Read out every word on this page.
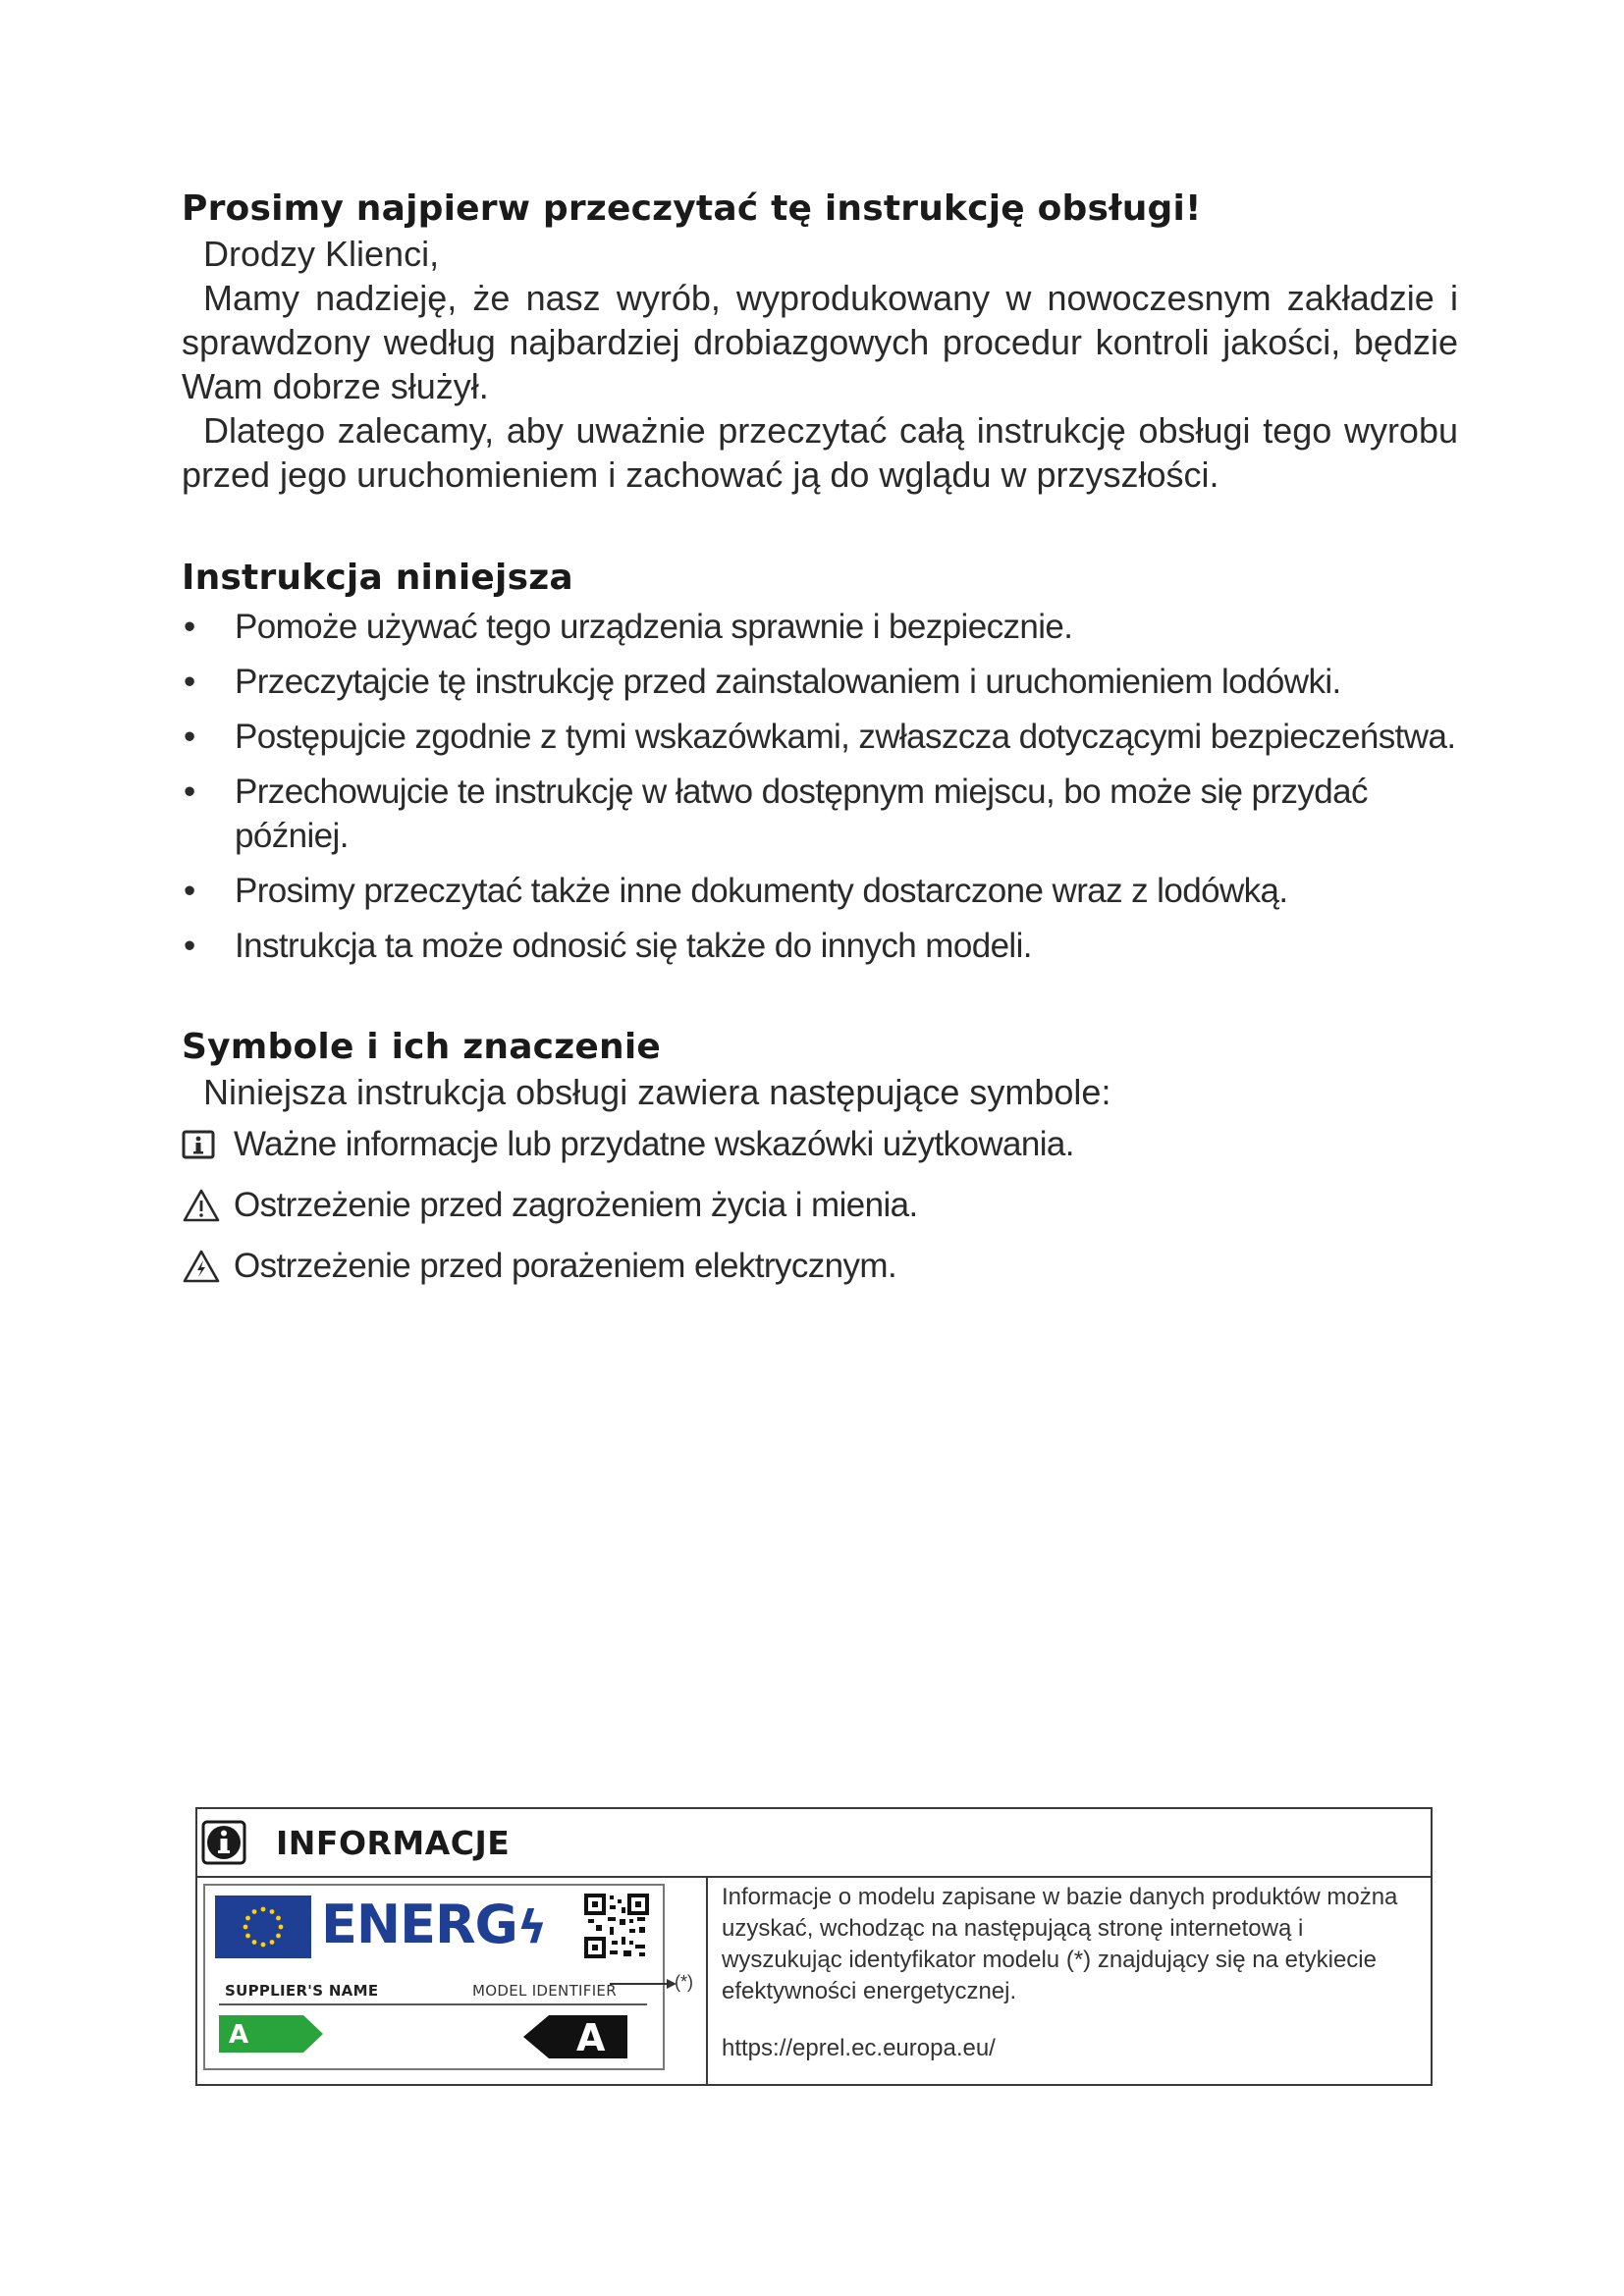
Prosimy najpierw przeczytać tę instrukcję obsługi!

Drodzy Klienci,

Mamy nadzieję, że nasz wyrób, wyprodukowany w nowoczesnym zakładzie i sprawdzony według najbardziej drobiazgowych procedur kontroli jakości, będzie Wam dobrze służył.

Dlatego zalecamy, aby uważnie przeczytać całą instrukcję obsługi tego wyrobu przed jego uruchomieniem i zachować ją do wglądu w przyszłości.

Instrukcja niniejsza
• Pomoże używać tego urządzenia sprawnie i bezpiecznie.
• Przeczytajcie tę instrukcję przed zainstalowaniem i uruchomieniem lodówki.
• Postępujcie zgodnie z tymi wskazówkami, zwłaszcza dotyczącymi bezpieczeństwa.
• Przechowujcie te instrukcję w łatwo dostępnym miejscu, bo może się przydać później.
• Prosimy przeczytać także inne dokumenty dostarczone wraz z lodówką.
• Instrukcja ta może odnosić się także do innych modeli.
Symbole i ich znaczenie

Niniejsza instrukcja obsługi zawiera następujące symbole:

Ważne informacje lub przydatne wskazówki użytkowania.
Ostrzeżenie przed zagrożeniem życia i mienia.
Ostrzeżenie przed porażeniem elektrycznym.
INFORMACJE
ENERGϟ
SUPPLIER'S NAME	MODEL IDENTIFIER
A	A
(*)
Informacje o modelu zapisane w bazie danych produktów można uzyskać, wchodząc na następującą stronę internetową i wyszukując identyfikator modelu (*) znajdujący się na etykiecie efektywności energetycznej.
https://eprel.ec.europa.eu/
